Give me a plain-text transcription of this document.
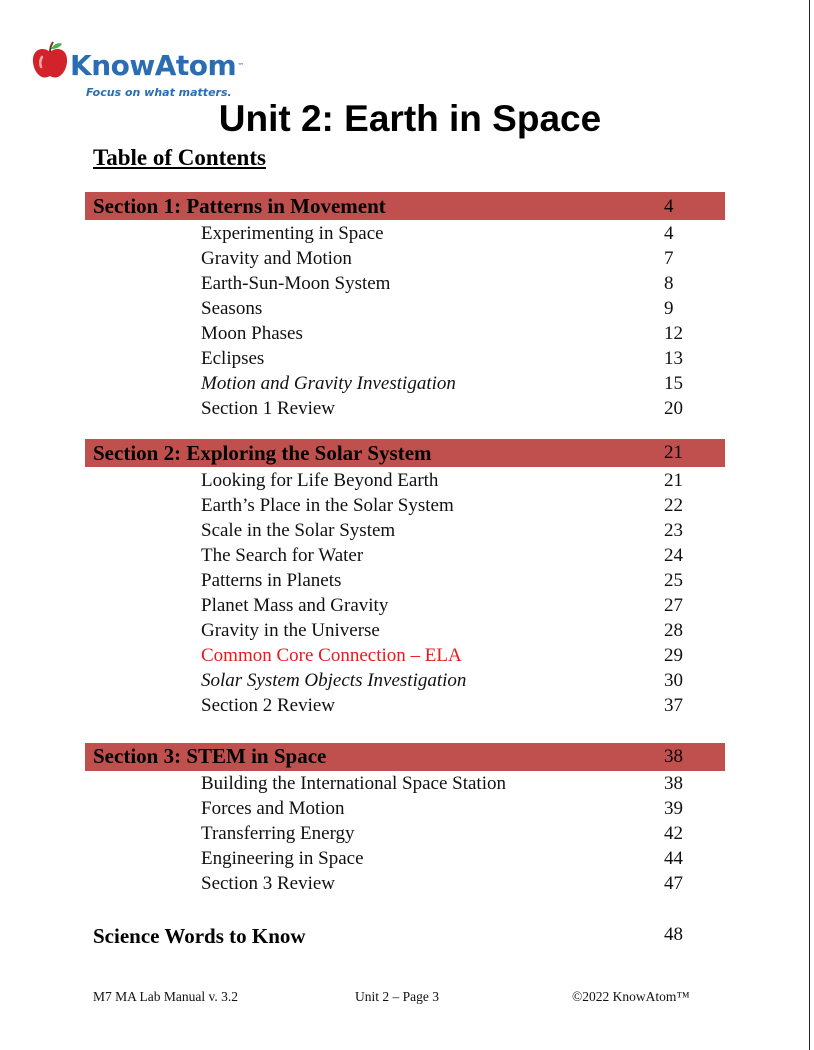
KnowAtom™
Focus on what matters.
Unit 2: Earth in Space
Table of Contents
Section 1: Patterns in Movement	4
Experimenting in Space	4
Gravity and Motion	7
Earth-Sun-Moon System	8
Seasons	9
Moon Phases	12
Eclipses	13
Motion and Gravity Investigation	15
Section 1 Review	20
Section 2: Exploring the Solar System	21
Looking for Life Beyond Earth	21
Earth’s Place in the Solar System	22
Scale in the Solar System	23
The Search for Water	24
Patterns in Planets	25
Planet Mass and Gravity	27
Gravity in the Universe	28
Common Core Connection – ELA	29
Solar System Objects Investigation	30
Section 2 Review	37
Section 3: STEM in Space	38
Building the International Space Station	38
Forces and Motion	39
Transferring Energy	42
Engineering in Space	44
Section 3 Review	47
Science Words to Know	48
M7 MA Lab Manual v. 3.2	Unit 2 – Page 3	©2022 KnowAtom™
